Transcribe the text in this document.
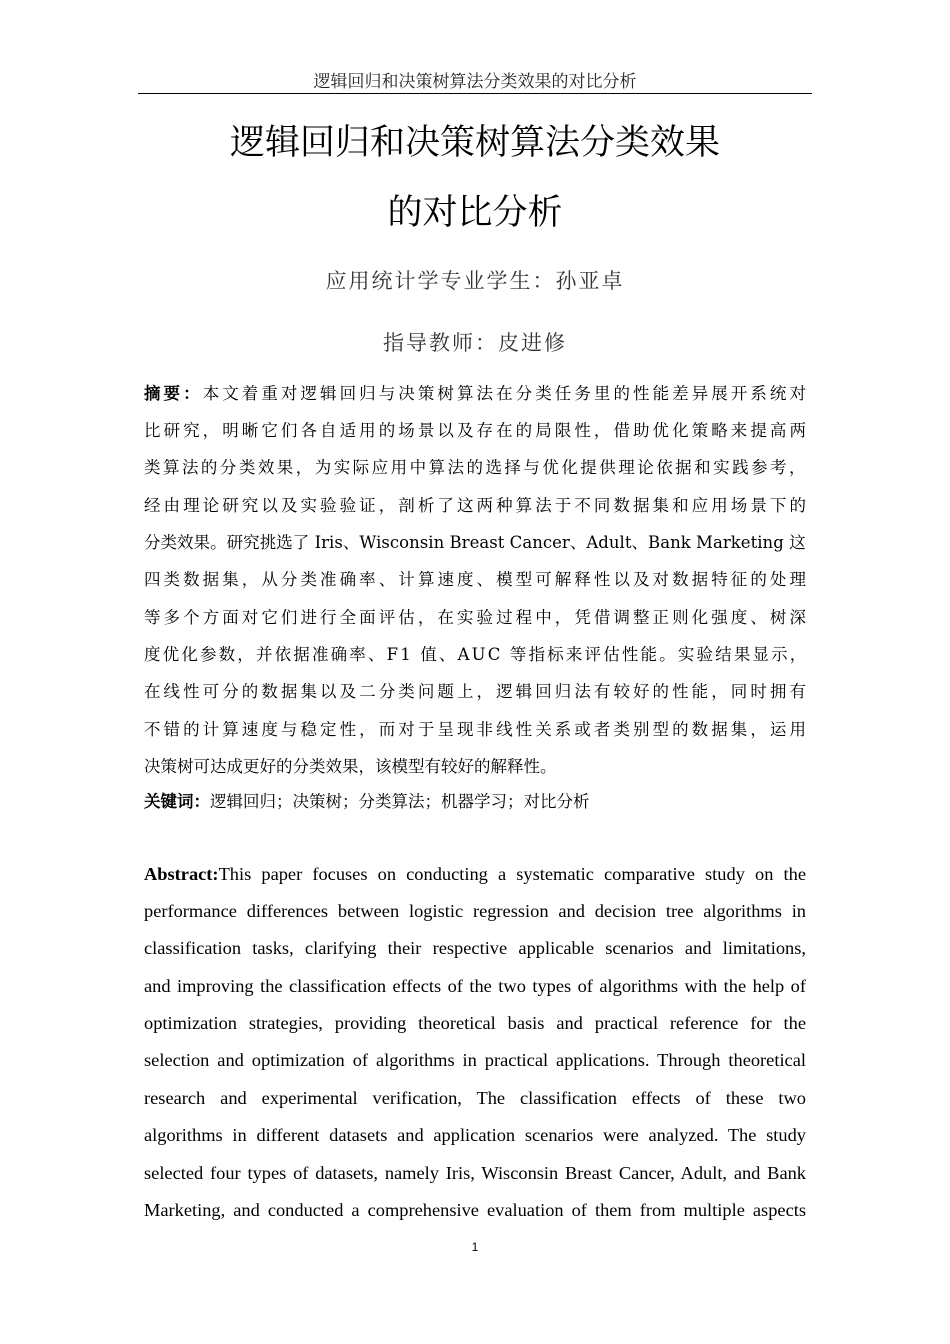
逻辑回归和决策树算法分类效果的对比分析
逻辑回归和决策树算法分类效果
的对比分析
应用统计学专业学生：孙亚卓
指导教师：皮进修
摘要：本文着重对逻辑回归与决策树算法在分类任务里的性能差异展开系统对
比研究，明晰它们各自适用的场景以及存在的局限性，借助优化策略来提高两
类算法的分类效果，为实际应用中算法的选择与优化提供理论依据和实践参考，
经由理论研究以及实验验证，剖析了这两种算法于不同数据集和应用场景下的
分类效果。研究挑选了 Iris、Wisconsin Breast Cancer、Adult、Bank Marketing 这
四类数据集，从分类准确率、计算速度、模型可解释性以及对数据特征的处理
等多个方面对它们进行全面评估，在实验过程中，凭借调整正则化强度、树深
度优化参数，并依据准确率、F1 值、AUC 等指标来评估性能。实验结果显示，
在线性可分的数据集以及二分类问题上，逻辑回归法有较好的性能，同时拥有
不错的计算速度与稳定性，而对于呈现非线性关系或者类别型的数据集，运用
决策树可达成更好的分类效果，该模型有较好的解释性。
关键词：逻辑回归；决策树；分类算法；机器学习；对比分析
Abstract:This paper focuses on conducting a systematic comparative study on the
performance differences between logistic regression and decision tree algorithms in
classification tasks, clarifying their respective applicable scenarios and limitations,
and improving the classification effects of the two types of algorithms with the help of
optimization strategies, providing theoretical basis and practical reference for the
selection and optimization of algorithms in practical applications. Through theoretical
research and experimental verification, The classification effects of these two
algorithms in different datasets and application scenarios were analyzed. The study
selected four types of datasets, namely Iris, Wisconsin Breast Cancer, Adult, and Bank
Marketing, and conducted a comprehensive evaluation of them from multiple aspects
1
